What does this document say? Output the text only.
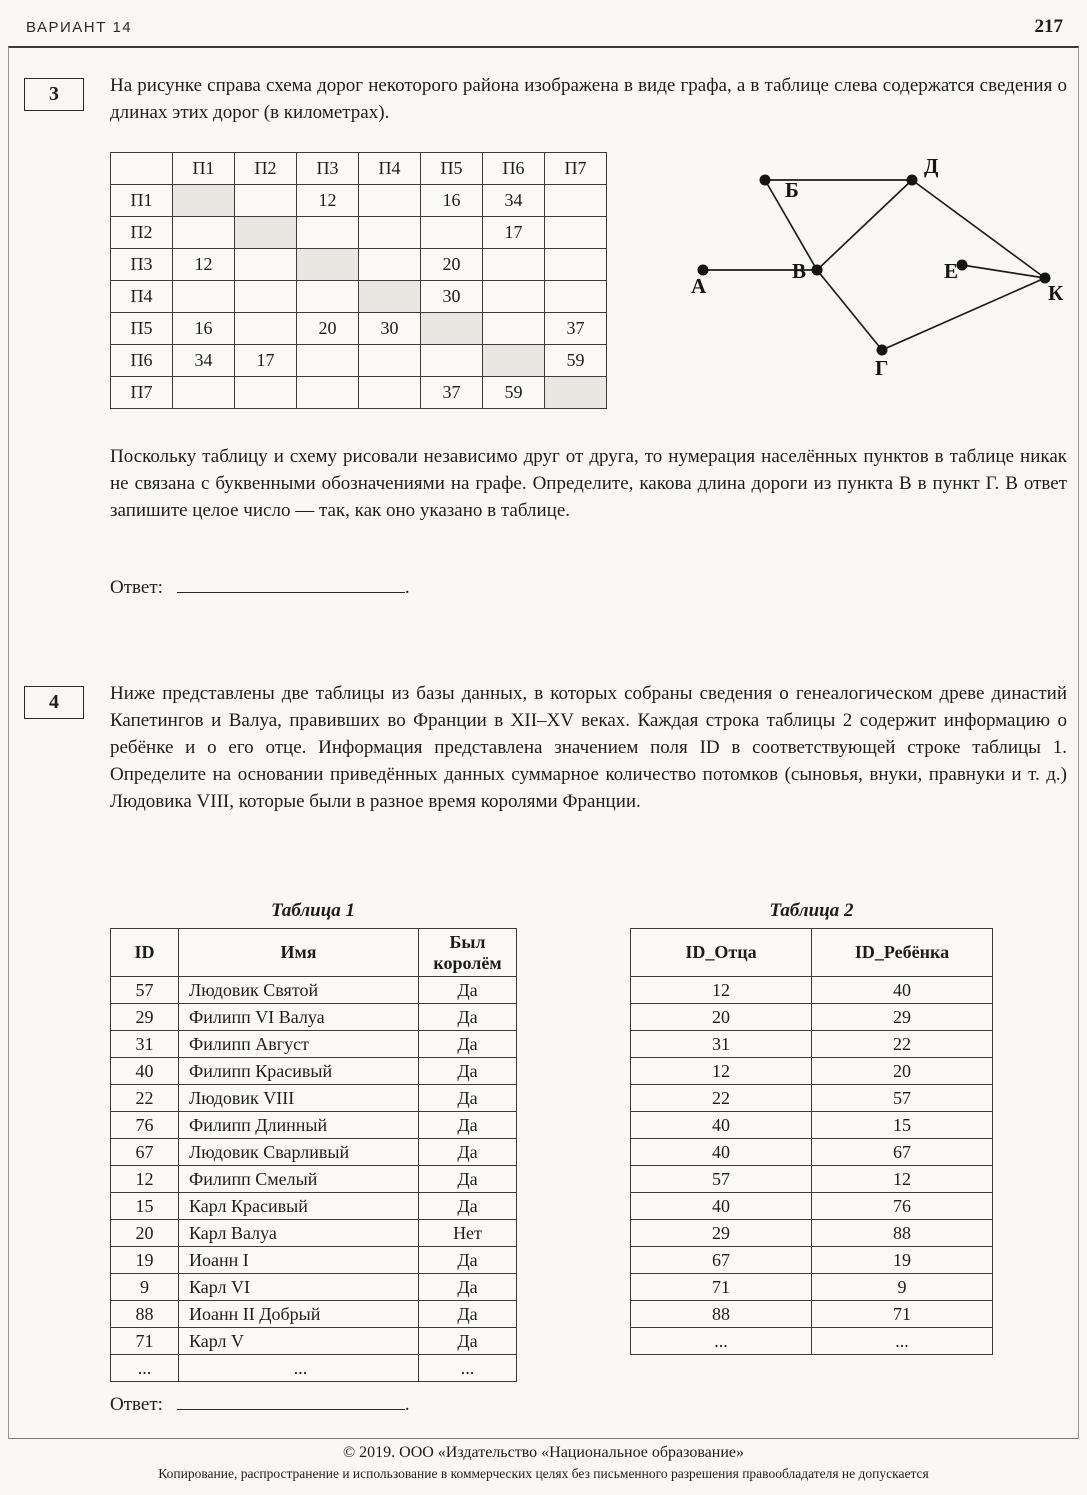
ВАРИАНТ 14	217
3	На рисунке справа схема дорог некоторого района изображена в виде графа, а в таблице слева содержатся сведения о длинах этих дорог (в километрах).

	П1	П2	П3	П4	П5	П6	П7
П1			12		16	34	
П2						17	
П3	12				20		
П4					30		
П5	16		20	30			37
П6	34	17					59
П7					37	59	
А
Б
В
Г
Д
Е
К

Поскольку таблицу и схему рисовали независимо друг от друга, то нумерация населённых пунктов в таблице никак не связана с буквенными обозначениями на графе. Определите, какова длина дороги из пункта В в пункт Г. В ответ запишите целое число — так, как оно указано в таблице.

Ответ:	.

4	Ниже представлены две таблицы из базы данных, в которых собраны сведения о генеалогическом древе династий Капетингов и Валуа, правивших во Франции в XII–XV веках. Каждая строка таблицы 2 содержит информацию о ребёнке и о его отце. Информация представлена значением поля ID в соответствующей строке таблицы 1. Определите на основании приведённых данных суммарное количество потомков (сыновья, внуки, правнуки и т. д.) Людовика VIII, которые были в разное время королями Франции.

Таблица 1	Таблица 2
ID	Имя	Был королём
57	Людовик Святой	Да
29	Филипп VI Валуа	Да
31	Филипп Август	Да
40	Филипп Красивый	Да
22	Людовик VIII	Да
76	Филипп Длинный	Да
67	Людовик Сварливый	Да
12	Филипп Смелый	Да
15	Карл Красивый	Да
20	Карл Валуа	Нет
19	Иоанн I	Да
9	Карл VI	Да
88	Иоанн II Добрый	Да
71	Карл V	Да
...	...	...
ID_Отца	ID_Ребёнка
12	40
20	29
31	22
12	20
22	57
40	15
40	67
57	12
40	76
29	88
67	19
71	9
88	71
...	...

Ответ:	.

© 2019. ООО «Издательство «Национальное образование»
Копирование, распространение и использование в коммерческих целях без письменного разрешения правообладателя не допускается
